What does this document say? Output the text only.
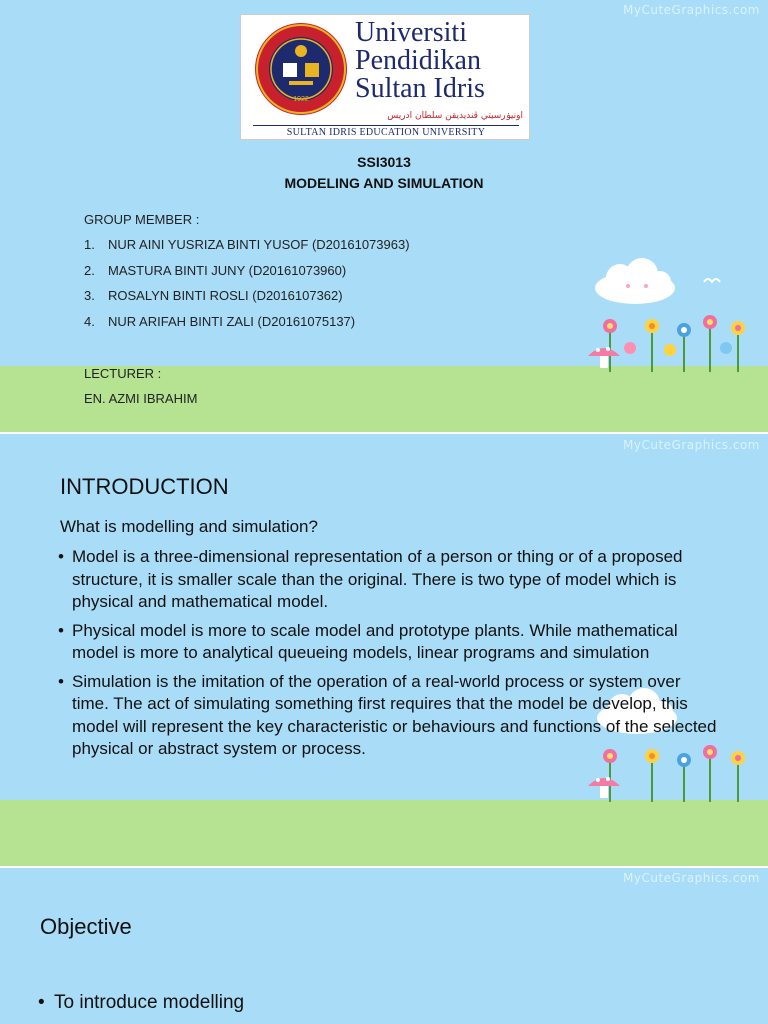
MyCuteGraphics.com
1922
Universiti
Pendidikan
Sultan Idris
اونيۏرسيتي ڤنديديقن سلطان ادريس
SULTAN IDRIS EDUCATION UNIVERSITY
SSI3013
MODELING AND SIMULATION
GROUP MEMBER :
1. NUR AINI YUSRIZA BINTI YUSOF (D20161073963)
2. MASTURA BINTI JUNY (D20161073960)
3. ROSALYN BINTI ROSLI (D2016107362)
4. NUR ARIFAH BINTI ZALI (D20161075137)
LECTURER :
EN. AZMI IBRAHIM
MyCuteGraphics.com
INTRODUCTION
What is modelling and simulation?
• Model is a three-dimensional representation of a person or thing or of a proposed structure, it is smaller scale than the original. There is two type of model which is physical and mathematical model.
• Physical model is more to scale model and prototype plants. While mathematical model is more to analytical queueing models, linear programs and simulation
• Simulation is the imitation of the operation of a real-world process or system over time. The act of simulating something first requires that the model be develop, this model will represent the key characteristic or behaviours and functions of the selected physical or abstract system or process.
MyCuteGraphics.com
Objective
• To introduce modelling
